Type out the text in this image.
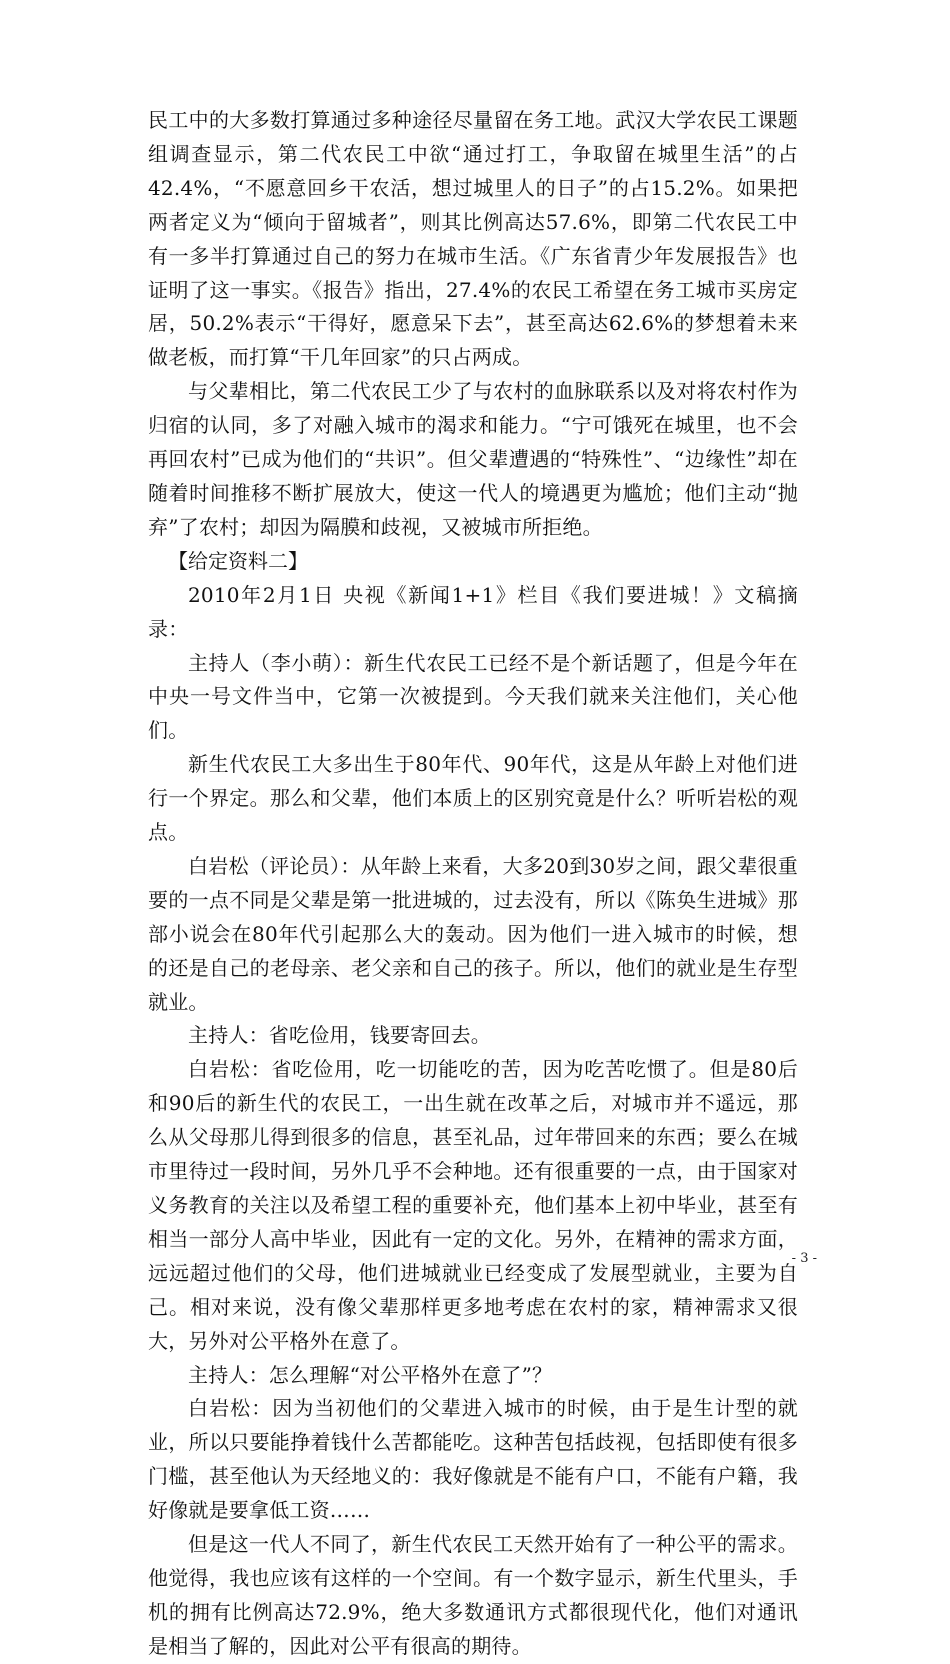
民工中的大多数打算通过多种途径尽量留在务工地。武汉大学农民工课题组调查显示，第二代农民工中欲“通过打工，争取留在城里生活”的占42.4%，“不愿意回乡干农活，想过城里人的日子”的占15.2%。如果把两者定义为“倾向于留城者”，则其比例高达57.6%，即第二代农民工中有一多半打算通过自己的努力在城市生活。《广东省青少年发展报告》也证明了这一事实。《报告》指出，27.4%的农民工希望在务工城市买房定居，50.2%表示“干得好，愿意呆下去”，甚至高达62.6%的梦想着未来做老板，而打算“干几年回家”的只占两成。

与父辈相比，第二代农民工少了与农村的血脉联系以及对将农村作为归宿的认同，多了对融入城市的渴求和能力。“宁可饿死在城里，也不会再回农村”已成为他们的“共识”。但父辈遭遇的“特殊性”、“边缘性”却在随着时间推移不断扩展放大，使这一代人的境遇更为尴尬；他们主动“抛弃”了农村；却因为隔膜和歧视，又被城市所拒绝。

【给定资料二】

2010年2月1日 央视《新闻1+1》栏目《我们要进城！》文稿摘录：

主持人（李小萌）：新生代农民工已经不是个新话题了，但是今年在中央一号文件当中，它第一次被提到。今天我们就来关注他们，关心他们。

新生代农民工大多出生于80年代、90年代，这是从年龄上对他们进行一个界定。那么和父辈，他们本质上的区别究竟是什么？听听岩松的观点。

白岩松（评论员）：从年龄上来看，大多20到30岁之间，跟父辈很重要的一点不同是父辈是第一批进城的，过去没有，所以《陈奂生进城》那部小说会在80年代引起那么大的轰动。因为他们一进入城市的时候，想的还是自己的老母亲、老父亲和自己的孩子。所以，他们的就业是生存型就业。

主持人：省吃俭用，钱要寄回去。

白岩松：省吃俭用，吃一切能吃的苦，因为吃苦吃惯了。但是80后和90后的新生代的农民工，一出生就在改革之后，对城市并不遥远，那么从父母那儿得到很多的信息，甚至礼品，过年带回来的东西；要么在城市里待过一段时间，另外几乎不会种地。还有很重要的一点，由于国家对义务教育的关注以及希望工程的重要补充，他们基本上初中毕业，甚至有相当一部分人高中毕业，因此有一定的文化。另外，在精神的需求方面，远远超过他们的父母，他们进城就业已经变成了发展型就业，主要为自己。相对来说，没有像父辈那样更多地考虑在农村的家，精神需求又很大，另外对公平格外在意了。

主持人：怎么理解“对公平格外在意了”？

白岩松：因为当初他们的父辈进入城市的时候，由于是生计型的就业，所以只要能挣着钱什么苦都能吃。这种苦包括歧视，包括即使有很多门槛，甚至他认为天经地义的：我好像就是不能有户口，不能有户籍，我好像就是要拿低工资……

但是这一代人不同了，新生代农民工天然开始有了一种公平的需求。他觉得，我也应该有这样的一个空间。有一个数字显示，新生代里头，手机的拥有比例高达72.9%，绝大多数通讯方式都很现代化，他们对通讯是相当了解的，因此对公平有很高的期待。

- 3 -
